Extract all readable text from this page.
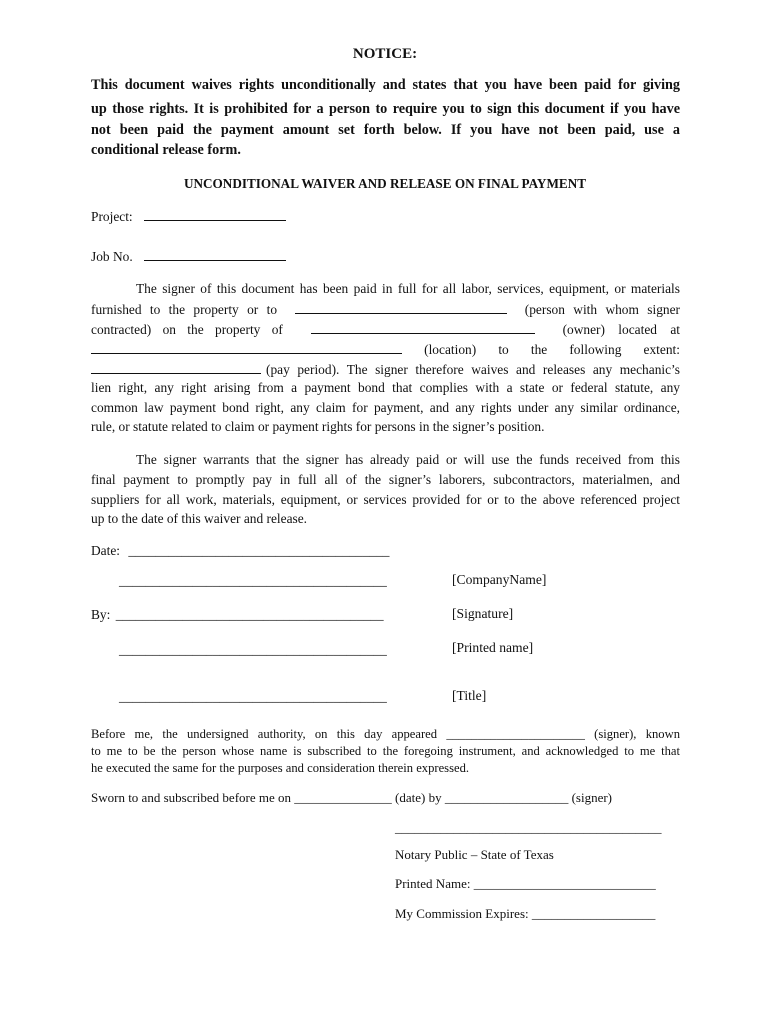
NOTICE:
This document waives rights unconditionally and states that you have been paid for giving
up those rights. It is prohibited for a person to require you to sign this document if you have
not been paid the payment amount set forth below. If you have not been paid, use a
conditional release form.
UNCONDITIONAL WAIVER AND RELEASE ON FINAL PAYMENT
Project:
Job No.
The signer of this document has been paid in full for all labor, services, equipment, or materials
furnished to the property or to	(person with whom signer
contracted) on the property of	(owner) located at
(location) to the following extent:
(pay period). The signer therefore waives and releases any mechanic’s
lien right, any right arising from a payment bond that complies with a state or federal statute, any
common law payment bond right, any claim for payment, and any rights under any similar ordinance,
rule, or statute related to claim or payment rights for persons in the signer’s position.
The signer warrants that the signer has already paid or will use the funds received from this
final payment to promptly pay in full all of the signer’s laborers, subcontractors, materialmen, and
suppliers for all work, materials, equipment, or services provided for or to the above referenced project
up to the date of this waiver and release.
Date: _______________________________________
________________________________________	[CompanyName]
By: ________________________________________	[Signature]
________________________________________	[Printed name]
________________________________________	[Title]
Before me, the undersigned authority, on this day appeared ______________________ (signer), known
to me to be the person whose name is subscribed to the foregoing instrument, and acknowledged to me that
he executed the same for the purposes and consideration therein expressed.
Sworn to and subscribed before me on _______________ (date) by ___________________ (signer)
_________________________________________
Notary Public – State of Texas
Printed Name: ____________________________
My Commission Expires: ___________________
